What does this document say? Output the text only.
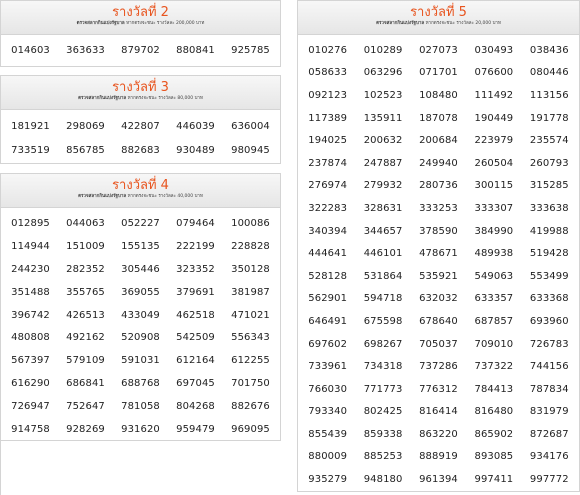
รางวัลที่ 2
ตรวจสลากกินแบ่งรัฐบาล หากตรงจะชนะ รางวัลละ 200,000 บาท
014603	363633	879702	880841	925785
รางวัลที่ 3
ตรวจสลากกินแบ่งรัฐบาล หากตรงจะชนะ รางวัลละ 80,000 บาท
181921	298069	422807	446039	636004
733519	856785	882683	930489	980945
รางวัลที่ 4
ตรวจสลากกินแบ่งรัฐบาล หากตรงจะชนะ รางวัลละ 40,000 บาท
012895	044063	052227	079464	100086
114944	151009	155135	222199	228828
244230	282352	305446	323352	350128
351488	355765	369055	379691	381987
396742	426513	433049	462518	471021
480808	492162	520908	542509	556343
567397	579109	591031	612164	612255
616290	686841	688768	697045	701750
726947	752647	781058	804268	882676
914758	928269	931620	959479	969095
รางวัลที่ 5
ตรวจสลากกินแบ่งรัฐบาล หากตรงจะชนะ รางวัลละ 20,000 บาท
010276	010289	027073	030493	038436
058633	063296	071701	076600	080446
092123	102523	108480	111492	113156
117389	135911	187078	190449	191778
194025	200632	200684	223979	235574
237874	247887	249940	260504	260793
276974	279932	280736	300115	315285
322283	328631	333253	333307	333638
340394	344657	378590	384990	419988
444641	446101	478671	489938	519428
528128	531864	535921	549063	553499
562901	594718	632032	633357	633368
646491	675598	678640	687857	693960
697602	698267	705037	709010	726783
733961	734318	737286	737322	744156
766030	771773	776312	784413	787834
793340	802425	816414	816480	831979
855439	859338	863220	865902	872687
880009	885253	888919	893085	934176
935279	948180	961394	997411	997772
